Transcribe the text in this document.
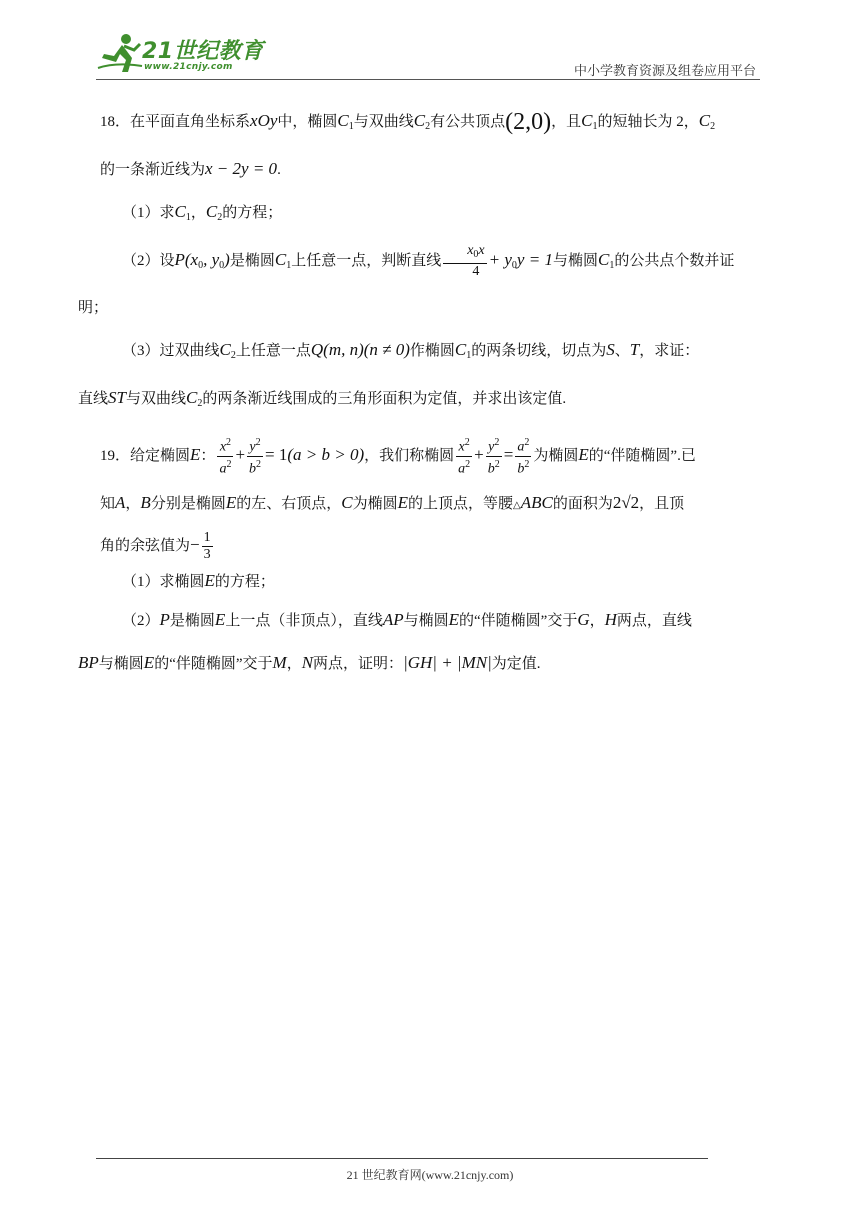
21世纪教育
www.21cnjy.com	中小学教育资源及组卷应用平台

18．在平面直角坐标系xOy中，椭圆$C_1$与双曲线$C_2$有公共顶点(2,0)，且$C_1$的短轴长为 2，$C_2$

的一条渐近线为x − 2y = 0.

（1）求$C_1$，$C_2$的方程；

（2）设$P(x_0$, $y_0$)是椭圆$C_1$上任意一点，判断直线 $\frac{x_0x}{4} + y_0y = 1$与椭圆$C_1$的公共点个数并证
明；

（3）过双曲线$C_2$上任意一点Q(m, n)(n ≠ 0)作椭圆$C_1$的两条切线，切点为S、T，求证：
直线ST与双曲线$C_2$的两条渐近线围成的三角形面积为定值，并求出该定值.

19．给定椭圆E： $\frac{x^2}{a^2} + \frac{y^2}{b^2} = 1(a > b > 0)$，我们称椭圆 $\frac{x^2}{a^2} + \frac{y^2}{b^2} = \frac{a^2}{b^2}$ 为椭圆E的“伴随椭圆”.已

知A，B分别是椭圆E的左、右顶点，C为椭圆E的上顶点，等腰△ABC的面积为2√2，且顶

角的余弦值为− $\frac{1}{3}$

（1）求椭圆E的方程；

（2）P是椭圆E上一点（非顶点），直线AP与椭圆E的“伴随椭圆”交于G，H两点，直线
BP与椭圆E的“伴随椭圆”交于M，N两点，证明：|GH| + |MN|为定值.

21 世纪教育网(www.21cnjy.com)
